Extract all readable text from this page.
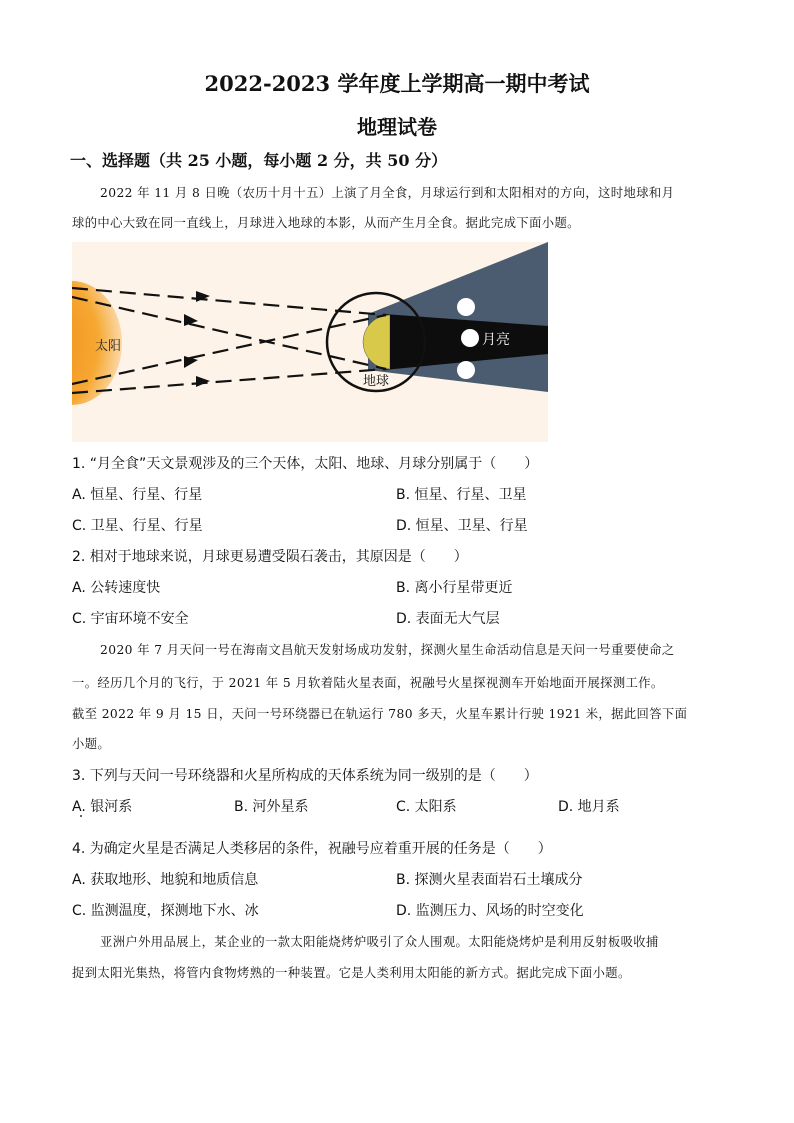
2022-2023 学年度上学期高一期中考试
地理试卷
一、选择题（共 25 小题，每小题 2 分，共 50 分）
2022 年 11 月 8 日晚（农历十月十五）上演了月全食，月球运行到和太阳相对的方向，这时地球和月
球的中心大致在同一直线上，月球进入地球的本影，从而产生月全食。据此完成下面小题。
太阳
地球
月亮
1. “月全食”天文景观涉及的三个天体，太阳、地球、月球分别属于（　　）
A. 恒星、行星、行星	B. 恒星、行星、卫星
C. 卫星、行星、行星	D. 恒星、卫星、行星
2. 相对于地球来说，月球更易遭受陨石袭击，其原因是（　　）
A. 公转速度快	B. 离小行星带更近
C. 宇宙环境不安全	D. 表面无大气层
2020 年 7 月天问一号在海南文昌航天发射场成功发射，探测火星生命活动信息是天问一号重要使命之
一。经历几个月的飞行，于 2021 年 5 月软着陆火星表面，祝融号火星探视测车开始地面开展探测工作。
截至 2022 年 9 月 15 日，天问一号环绕器已在轨运行 780 多天，火星车累计行驶 1921 米，据此回答下面
小题。
3. 下列与天问一号环绕器和火星所构成的天体系统为同一级别的是（　　）
A. 银河系	B. 河外星系	C. 太阳系	D. 地月系
4. 为确定火星是否满足人类移居的条件，祝融号应着重开展的任务是（　　）
A. 获取地形、地貌和地质信息	B. 探测火星表面岩石土壤成分
C. 监测温度，探测地下水、冰	D. 监测压力、风场的时空变化
亚洲户外用品展上，某企业的一款太阳能烧烤炉吸引了众人围观。太阳能烧烤炉是利用反射板吸收捕
捉到太阳光集热，将管内食物烤熟的一种装置。它是人类利用太阳能的新方式。据此完成下面小题。
